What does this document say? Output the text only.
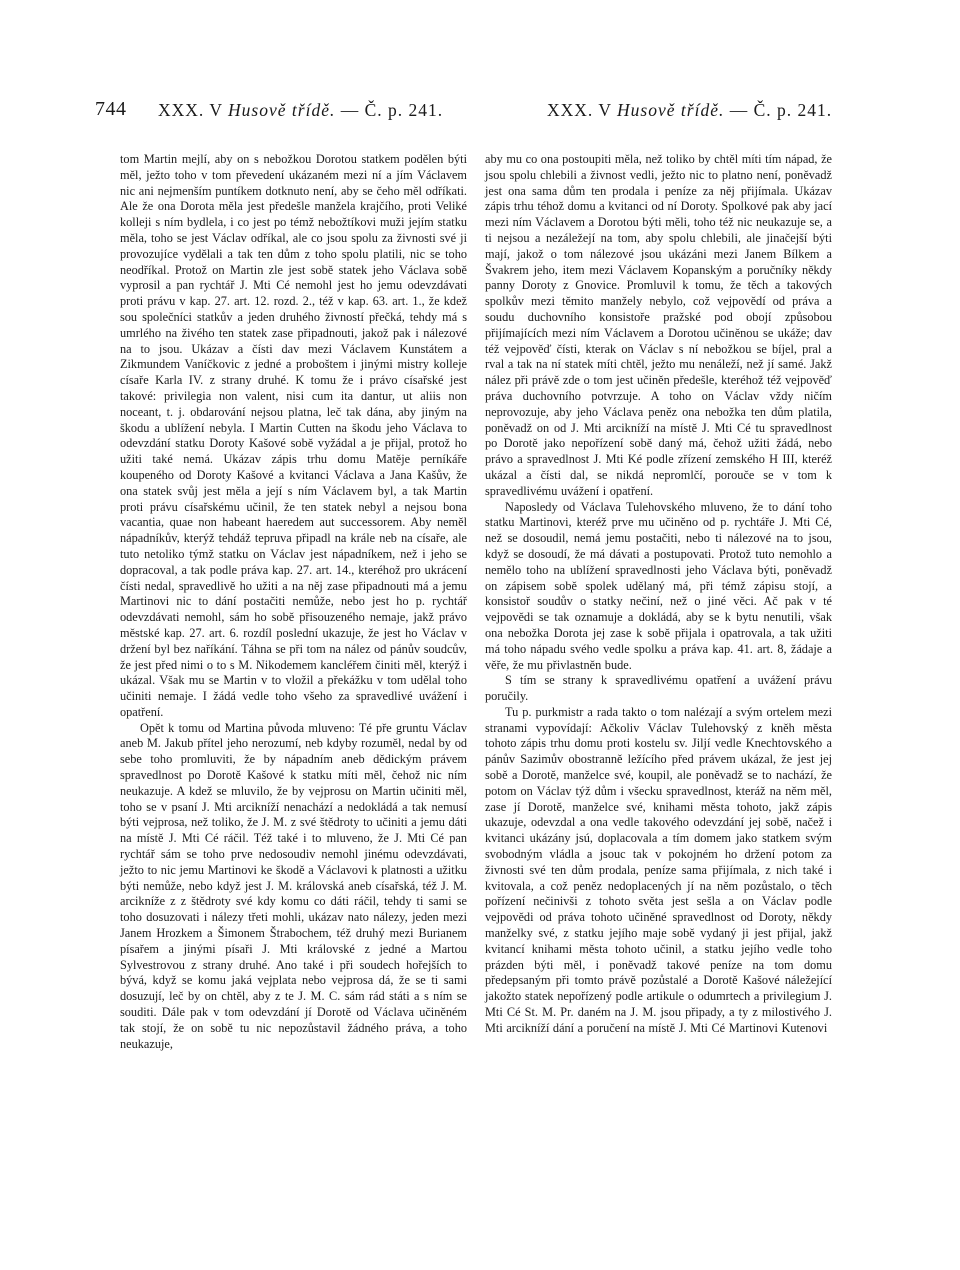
744 XXX. V Husově třídě. — Č. p. 241.	XXX. V Husově třídě. — Č. p. 241.

tom Martin mejlí, aby on s nebožkou Dorotou statkem podělen býti měl, ježto toho v tom převedení ukázaném mezi ní a jím Václavem nic ani nejmenším puntíkem dotknuto není, aby se čeho měl odříkati. Ale že ona Dorota měla jest předešle manžela krajčího, proti Veliké kolleji s ním bydlela, i co jest po témž nebožtíkovi muži jejím statku měla, toho se jest Václav odříkal, ale co jsou spolu za živnosti své ji provozujíce vydělali a tak ten dům z toho spolu platili, nic se toho neodříkal. Protož on Martin zle jest sobě statek jeho Václava sobě vyprosil a pan rychtář J. Mti Cé nemohl jest ho jemu odevzdávati proti právu v kap. 27. art. 12. rozd. 2., též v kap. 63. art. 1., že kdež sou společníci statkův a jeden druhého živností přečká, tehdy má s umrlého na živého ten statek zase připadnouti, jakož pak i nálezové na to jsou. Ukázav a čísti dav mezi Václavem Kunstátem a Zikmundem Vaníčkovic z jedné a proboštem i jinými mistry kolleje císaře Karla IV. z strany druhé. K tomu že i právo císařské jest takové: privilegia non valent, nisi cum ita dantur, ut aliis non noceant, t. j. obdarování nejsou platna, leč tak dána, aby jiným na škodu a ublížení nebyla. I Martin Cutten na škodu jeho Václava to odevzdání statku Doroty Kašové sobě vyžádal a je přijal, protož ho užiti také nemá. Ukázav zápis trhu domu Matěje perníkáře koupeného od Doroty Kašové a kvitanci Václava a Jana Kašův, že ona statek svůj jest měla a její s ním Václavem byl, a tak Martin proti právu císařskému učinil, že ten statek nebyl a nejsou bona vacantia, quae non habeant haeredem aut successorem. Aby neměl nápadníkův, kterýž tehdáž tepruva připadl na krále neb na císaře, ale tuto netoliko týmž statku on Václav jest nápadníkem, než i jeho se dopracoval, a tak podle práva kap. 27. art. 14., kteréhož pro ukrácení čísti nedal, spravedlivě ho užiti a na něj zase připadnouti má a jemu Martinovi nic to dání postačiti nemůže, nebo jest ho p. rychtář odevzdávati nemohl, sám ho sobě přisouzeného nemaje, jakž právo městské kap. 27. art. 6. rozdíl poslední ukazuje, že jest ho Václav v držení byl bez naříkání. Táhna se při tom na nález od pánův soudcův, že jest před nimi o to s M. Nikodemem kancléřem činiti měl, kterýž i ukázal. Však mu se Martin v to vložil a překážku v tom udělal toho učiniti nemaje. I žádá vedle toho všeho za spravedlivé uvážení i opatření.

Opět k tomu od Martina původa mluveno: Té pře gruntu Václav aneb M. Jakub přítel jeho nerozumí, neb kdyby rozuměl, nedal by od sebe toho promluviti, že by nápadním aneb dědickým právem spravedlnost po Dorotě Kašové k statku míti měl, čehož nic ním neukazuje. A kdež se mluvilo, že by vejprosu on Martin učiniti měl, toho se v psaní J. Mti arcikníží nenachází a nedokládá a tak nemusí býti vejprosa, než toliko, že J. M. z své štědroty to učiniti a jemu dáti na místě J. Mti Cé ráčil. Též také i to mluveno, že J. Mti Cé pan rychtář sám se toho prve nedosoudiv nemohl jinému odevzdávati, ježto to nic jemu Martinovi ke škodě a Václavovi k platnosti a užitku býti nemůže, nebo když jest J. M. královská aneb císařská, též J. M. arcikníže z z štědroty své kdy komu co dáti ráčil, tehdy ti sami se toho dosuzovati i nálezy třeti mohli, ukázav nato nálezy, jeden mezi Janem Hrozkem a Šimonem Štrabochem, též druhý mezi Burianem písařem a jinými písaři J. Mti královské z jedné a Martou Sylvestrovou z strany druhé. Ano také i při soudech hořejších to bývá, když se komu jaká vejplata nebo vejprosa dá, že se ti sami dosuzují, leč by on chtěl, aby z te J. M. C. sám rád státi a s ním se souditi. Dále pak v tom odevzdání jí Dorotě od Václava učiněném tak stojí, že on sobě tu nic nepozůstavil žádného práva, a toho neukazuje,

aby mu co ona postoupiti měla, než toliko by chtěl míti tím nápad, že jsou spolu chlebili a živnost vedli, ježto nic to platno není, poněvadž jest ona sama dům ten prodala i peníze za něj přijímala. Ukázav zápis trhu téhož domu a kvitanci od ní Doroty. Spolkové pak aby jací mezi ním Václavem a Dorotou býti měli, toho též nic neukazuje se, a ti nejsou a nezáležejí na tom, aby spolu chlebili, ale jinačejší býti mají, jakož o tom nálezové jsou ukázáni mezi Janem Bílkem a Švakrem jeho, item mezi Václavem Kopanským a poručníky někdy panny Doroty z Gnovice. Promluvil k tomu, že těch a takových spolkův mezi těmito manžely nebylo, což vejpovědí od práva a soudu duchovního konsistoře pražské pod obojí způsobou přijímajících mezi ním Václavem a Dorotou učiněnou se ukáže; dav též vejpověď čísti, kterak on Václav s ní nebožkou se bíjel, pral a rval a tak na ní statek míti chtěl, ježto mu nenáleží, než jí samé. Jakž nález při právě zde o tom jest učiněn předešle, kteréhož též vejpověď práva duchovního potvrzuje. A toho on Václav vždy ničím neprovozuje, aby jeho Václava peněz ona nebožka ten dům platila, poněvadž on od J. Mti arcikníží na místě J. Mti Cé tu spravedlnost po Dorotě jako nepořízení sobě daný má, čehož užiti žádá, nebo právo a spravedlnost J. Mti Ké podle zřízení zemského H III, kteréž ukázal a čísti dal, se nikdá nepromlčí, porouče se v tom k spravedlivému uvážení i opatření.

Naposledy od Václava Tulehovského mluveno, že to dání toho statku Martinovi, kteréž prve mu učiněno od p. rychtáře J. Mti Cé, než se dosoudil, nemá jemu postačiti, nebo ti nálezové na to jsou, když se dosoudí, že má dávati a postupovati. Protož tuto nemohlo a nemělo toho na ublížení spravedlnosti jeho Václava býti, poněvadž on zápisem sobě spolek udělaný má, při témž zápisu stojí, a konsistoř soudův o statky nečiní, než o jiné věci. Ač pak v té vejpovědi se tak oznamuje a dokládá, aby se k bytu nenutili, však ona nebožka Dorota jej zase k sobě přijala i opatrovala, a tak užiti má toho nápadu svého vedle spolku a práva kap. 41. art. 8, žádaje a věře, že mu přivlastněn bude.

S tím se strany k spravedlivému opatření a uvážení právu poručily.

Tu p. purkmistr a rada takto o tom nalézají a svým ortelem mezi stranami vypovídají: Ačkoliv Václav Tulehovský z kněh města tohoto zápis trhu domu proti kostelu sv. Jiljí vedle Knechtovského a pánův Sazimův obostranně ležícího před právem ukázal, že jest jej sobě a Dorotě, manželce své, koupil, ale poněvadž se to nachází, že potom on Václav týž dům i všecku spravedlnost, kteráž na něm měl, zase jí Dorotě, manželce své, knihami města tohoto, jakž zápis ukazuje, odevzdal a ona vedle takového odevzdání jej sobě, načež i kvitanci ukázány jsú, doplacovala a tím domem jako statkem svým svobodným vládla a jsouc tak v pokojném ho držení potom za živnosti své ten dům prodala, peníze sama přijímala, z nich také i kvitovala, a což peněz nedoplacených jí na něm pozůstalo, o těch pořízení nečinivši z tohoto světa jest sešla a on Václav podle vejpovědi od práva tohoto učiněné spravedlnost od Doroty, někdy manželky své, z statku jejího maje sobě vydaný ji jest přijal, jakž kvitancí knihami města tohoto učinil, a statku jejího vedle toho prázden býti měl, i poněvadž takové peníze na tom domu předepsaným při tomto právě pozůstalé a Dorotě Kašové náležející jakožto statek nepořízený podle artikule o odumrtech a privilegium J. Mti Cé St. M. Pr. daném na J. M. jsou připady, a ty z milostivého J. Mti arcikníží dání a poručení na místě J. Mti Cé Martinovi Kutenovi
